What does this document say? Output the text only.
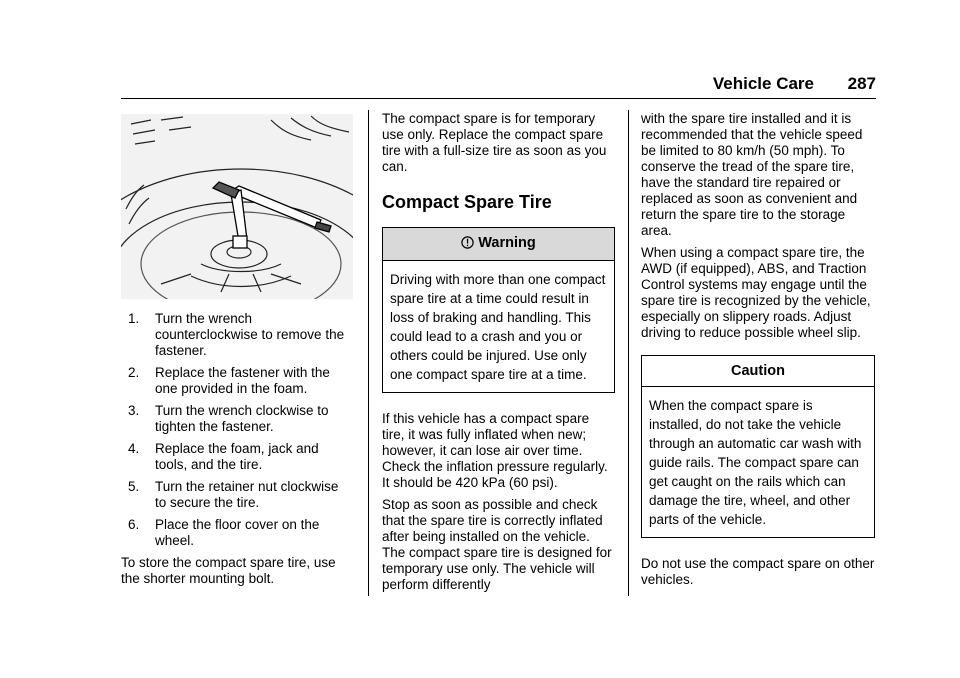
Vehicle Care 287
1. Turn the wrench counterclockwise to remove the fastener.
2. Replace the fastener with the one provided in the foam.
3. Turn the wrench clockwise to tighten the fastener.
4. Replace the foam, jack and tools, and the tire.
5. Turn the retainer nut clockwise to secure the tire.
6. Place the floor cover on the wheel.

To store the compact spare tire, use the shorter mounting bolt.

The compact spare is for temporary use only. Replace the compact spare tire with a full-size tire as soon as you can.

Compact Spare Tire
Warning
Driving with more than one compact spare tire at a time could result in loss of braking and handling. This could lead to a crash and you or others could be injured. Use only one compact spare tire at a time.

If this vehicle has a compact spare tire, it was fully inflated when new; however, it can lose air over time. Check the inflation pressure regularly. It should be 420 kPa (60 psi).

Stop as soon as possible and check that the spare tire is correctly inflated after being installed on the vehicle. The compact spare tire is designed for temporary use only. The vehicle will perform differently

with the spare tire installed and it is recommended that the vehicle speed be limited to 80 km/h (50 mph). To conserve the tread of the spare tire, have the standard tire repaired or replaced as soon as convenient and return the spare tire to the storage area.

When using a compact spare tire, the AWD (if equipped), ABS, and Traction Control systems may engage until the spare tire is recognized by the vehicle, especially on slippery roads. Adjust driving to reduce possible wheel slip.

Caution
When the compact spare is installed, do not take the vehicle through an automatic car wash with guide rails. The compact spare can get caught on the rails which can damage the tire, wheel, and other parts of the vehicle.

Do not use the compact spare on other vehicles.
